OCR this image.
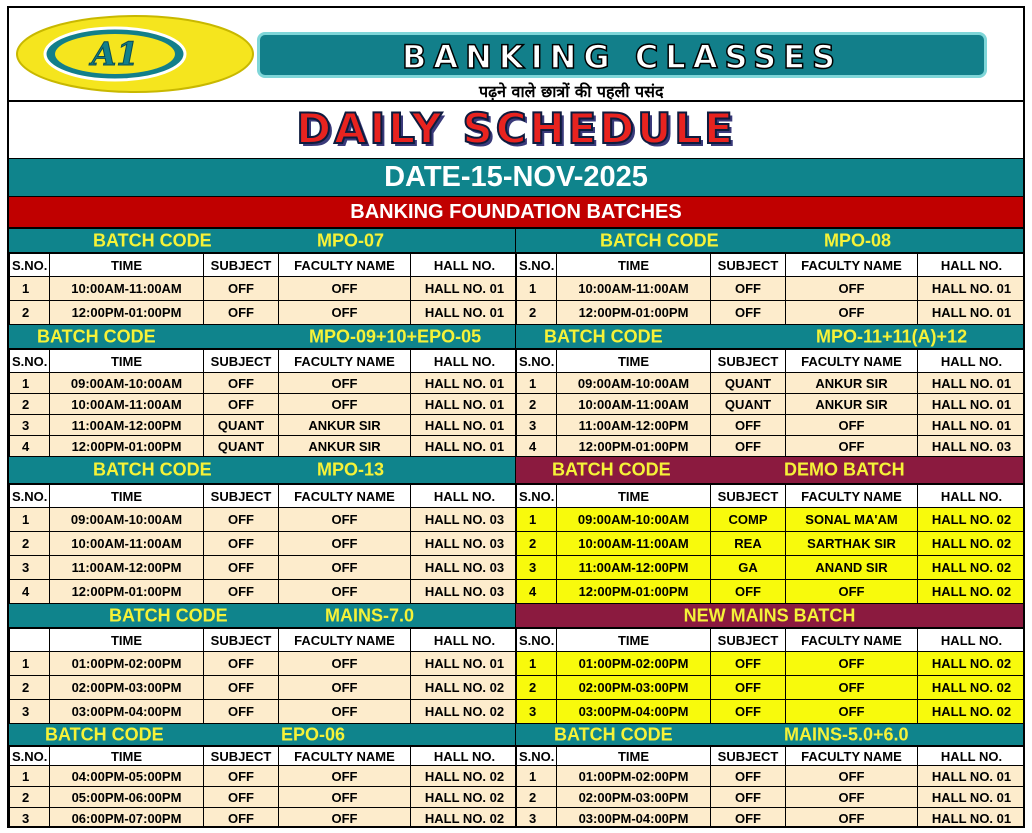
A1	BANKING CLASSES
पढ़ने वाले छात्रों की पहली पसंद
DAILY SCHEDULE
DATE-15-NOV-2025
BANKING FOUNDATION BATCHES
BATCH CODE	MPO-07
S.NO.	TIME	SUBJECT	FACULTY NAME	HALL NO.
1	10:00AM-11:00AM	OFF	OFF	HALL NO. 01
2	12:00PM-01:00PM	OFF	OFF	HALL NO. 01
BATCH CODE	MPO-08
S.NO.	TIME	SUBJECT	FACULTY NAME	HALL NO.
1	10:00AM-11:00AM	OFF	OFF	HALL NO. 01
2	12:00PM-01:00PM	OFF	OFF	HALL NO. 01
BATCH CODE	MPO-09+10+EPO-05
S.NO.	TIME	SUBJECT	FACULTY NAME	HALL NO.
1	09:00AM-10:00AM	OFF	OFF	HALL NO. 01
2	10:00AM-11:00AM	OFF	OFF	HALL NO. 01
3	11:00AM-12:00PM	QUANT	ANKUR SIR	HALL NO. 01
4	12:00PM-01:00PM	QUANT	ANKUR SIR	HALL NO. 01
BATCH CODE	MPO-11+11(A)+12
S.NO.	TIME	SUBJECT	FACULTY NAME	HALL NO.
1	09:00AM-10:00AM	QUANT	ANKUR SIR	HALL NO. 01
2	10:00AM-11:00AM	QUANT	ANKUR SIR	HALL NO. 01
3	11:00AM-12:00PM	OFF	OFF	HALL NO. 01
4	12:00PM-01:00PM	OFF	OFF	HALL NO. 03
BATCH CODE	MPO-13
S.NO.	TIME	SUBJECT	FACULTY NAME	HALL NO.
1	09:00AM-10:00AM	OFF	OFF	HALL NO. 03
2	10:00AM-11:00AM	OFF	OFF	HALL NO. 03
3	11:00AM-12:00PM	OFF	OFF	HALL NO. 03
4	12:00PM-01:00PM	OFF	OFF	HALL NO. 03
BATCH CODE	DEMO BATCH
S.NO.	TIME	SUBJECT	FACULTY NAME	HALL NO.
1	09:00AM-10:00AM	COMP	SONAL MA'AM	HALL NO. 02
2	10:00AM-11:00AM	REA	SARTHAK SIR	HALL NO. 02
3	11:00AM-12:00PM	GA	ANAND SIR	HALL NO. 02
4	12:00PM-01:00PM	OFF	OFF	HALL NO. 02
BATCH CODE	MAINS-7.0
	TIME	SUBJECT	FACULTY NAME	HALL NO.
1	01:00PM-02:00PM	OFF	OFF	HALL NO. 01
2	02:00PM-03:00PM	OFF	OFF	HALL NO. 02
3	03:00PM-04:00PM	OFF	OFF	HALL NO. 02
NEW MAINS BATCH
S.NO.	TIME	SUBJECT	FACULTY NAME	HALL NO.
1	01:00PM-02:00PM	OFF	OFF	HALL NO. 02
2	02:00PM-03:00PM	OFF	OFF	HALL NO. 02
3	03:00PM-04:00PM	OFF	OFF	HALL NO. 02
BATCH CODE	EPO-06
S.NO.	TIME	SUBJECT	FACULTY NAME	HALL NO.
1	04:00PM-05:00PM	OFF	OFF	HALL NO. 02
2	05:00PM-06:00PM	OFF	OFF	HALL NO. 02
3	06:00PM-07:00PM	OFF	OFF	HALL NO. 02
BATCH CODE	MAINS-5.0+6.0
S.NO.	TIME	SUBJECT	FACULTY NAME	HALL NO.
1	01:00PM-02:00PM	OFF	OFF	HALL NO. 01
2	02:00PM-03:00PM	OFF	OFF	HALL NO. 01
3	03:00PM-04:00PM	OFF	OFF	HALL NO. 01
